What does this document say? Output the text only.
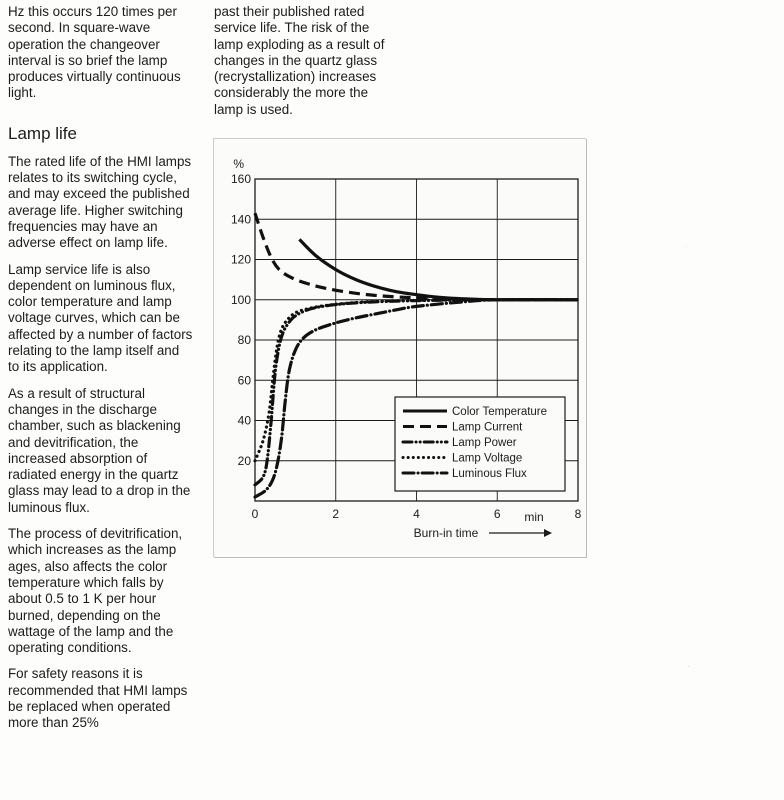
Hz this occurs 120 times per second. In square-wave operation the changeover interval is so brief the lamp produces virtually continuous light.

Lamp life

The rated life of the HMI lamps relates to its switching cycle, and may exceed the published average life. Higher switching frequencies may have an adverse effect on lamp life.

Lamp service life is also dependent on luminous flux, color temperature and lamp voltage curves, which can be affected by a number of factors relating to the lamp itself and to its application.

As a result of structural changes in the discharge chamber, such as blackening and devitrification, the increased absorption of radiated energy in the quartz glass may lead to a drop in the luminous flux.

The process of devitrification, which increases as the lamp ages, also affects the color temperature which falls by about 0.5 to 1 K per hour burned, depending on the wattage of the lamp and the operating conditions.

For safety reasons it is recommended that HMI lamps be replaced when operated more than 25%

past their published rated service life. The risk of the lamp exploding as a result of changes in the quartz glass (recrystallization) increases considerably the more the lamp is used.

20
40
60
80
100
120
140
160
0	2	4	6	8
%
min
Burn-in time
Color Temperature
Lamp Current
Lamp Power
Lamp Voltage
Luminous Flux
